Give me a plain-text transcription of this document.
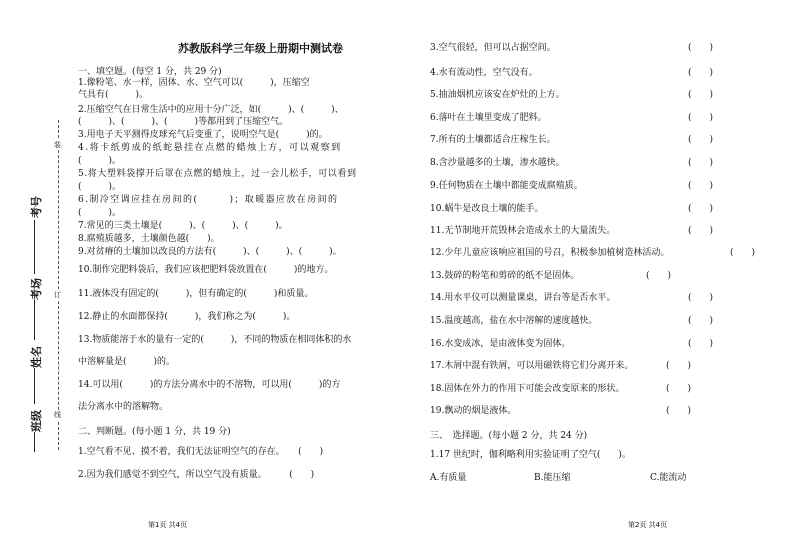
考号
考场
姓名
班级
装
订
线
苏教版科学三年级上册期中测试卷
一、填空题。(每空 1 分，共 29 分)
1.像粉笔、水一样，固体、水、空气可以(　　　)，压缩空
气具有(　　　)。
2.压缩空气在日常生活中的应用十分广泛，如(　　　)、(　　　)、
(　　　)、(　　　)、(　　　)等都用到了压缩空气。
3.用电子天平测得皮球充气后变重了，说明空气是(　　　)的。
4.将卡纸剪成的纸蛇悬挂在点燃的蜡烛上方，可以观察到
(　　　)。
5.将大塑料袋撑开后罩在点燃的蜡烛上，过一会儿松手，可以看到
(　　　)。
6.制冷空调应挂在房间的(　　　)；取暖器应放在房间的
(　　　)。
7.常见的三类土壤是(　　　)、(　　　)、(　　　)。
8.腐殖质越多，土壤颜色越(　　)。
9.对贫瘠的土壤加以改良的方法有(　　　)、(　　　)、(　　　)。
10.制作完肥料袋后，我们应该把肥料袋放置在(　　　)的地方。
11.液体没有固定的(　　　)，但有确定的(　　　)和质量。
12.静止的水面都保持(　　　)，我们称之为(　　　)。
13.物质能溶于水的量有一定的(　　　)，不同的物质在相同体积的水
中溶解量是(　　　)的。
14.可以用(　　　)的方法分离水中的不溶物，可以用(　　　)的方
法分离水中的溶解物。
二、判断题。(每小题 1 分，共 19 分)
1.空气看不见、摸不着，我们无法证明空气的存在。　　(　　)
2.因为我们感觉不到空气，所以空气没有质量。　　　(　　)
第1页 共4页
3.空气很轻，但可以占据空间。	(　　)
4.水有流动性，空气没有。	(　　)
5.抽油烟机应该安在炉灶的上方。	(　　)
6.落叶在土壤里变成了肥料。	(　　)
7.所有的土壤都适合庄稼生长。	(　　)
8.含沙量越多的土壤，渗水越快。	(　　)
9.任何物质在土壤中都能变成腐殖质。	(　　)
10.蜗牛是改良土壤的能手。	(　　)
11.无节制地开荒毁林会造成水土的大量流失。	(　　)
12.少年儿童应该响应祖国的号召，积极参加植树造林活动。	(　　)
13.鼓碎的粉笔和剪碎的纸不是固体。	(　　)
14.用水平仪可以测量课桌，讲台等是否水平。	(　　)
15.温度越高，盐在水中溶解的速度越快。	(　　)
16.水变成冰，是由液体变为固体。	(　　)
17.木屑中混有铁屑，可以用磁铁将它们分离开来。	(　　)
18.固体在外力的作用下可能会改变原来的形状。	(　　)
19.飘动的烟是液体。	(　　)
三、　选择题。(每小题 2 分，共 24 分)
1.17 世纪时，伽利略利用实验证明了空气(　　)。
A.有质量	B.能压缩	C.能流动
第2页 共4页
